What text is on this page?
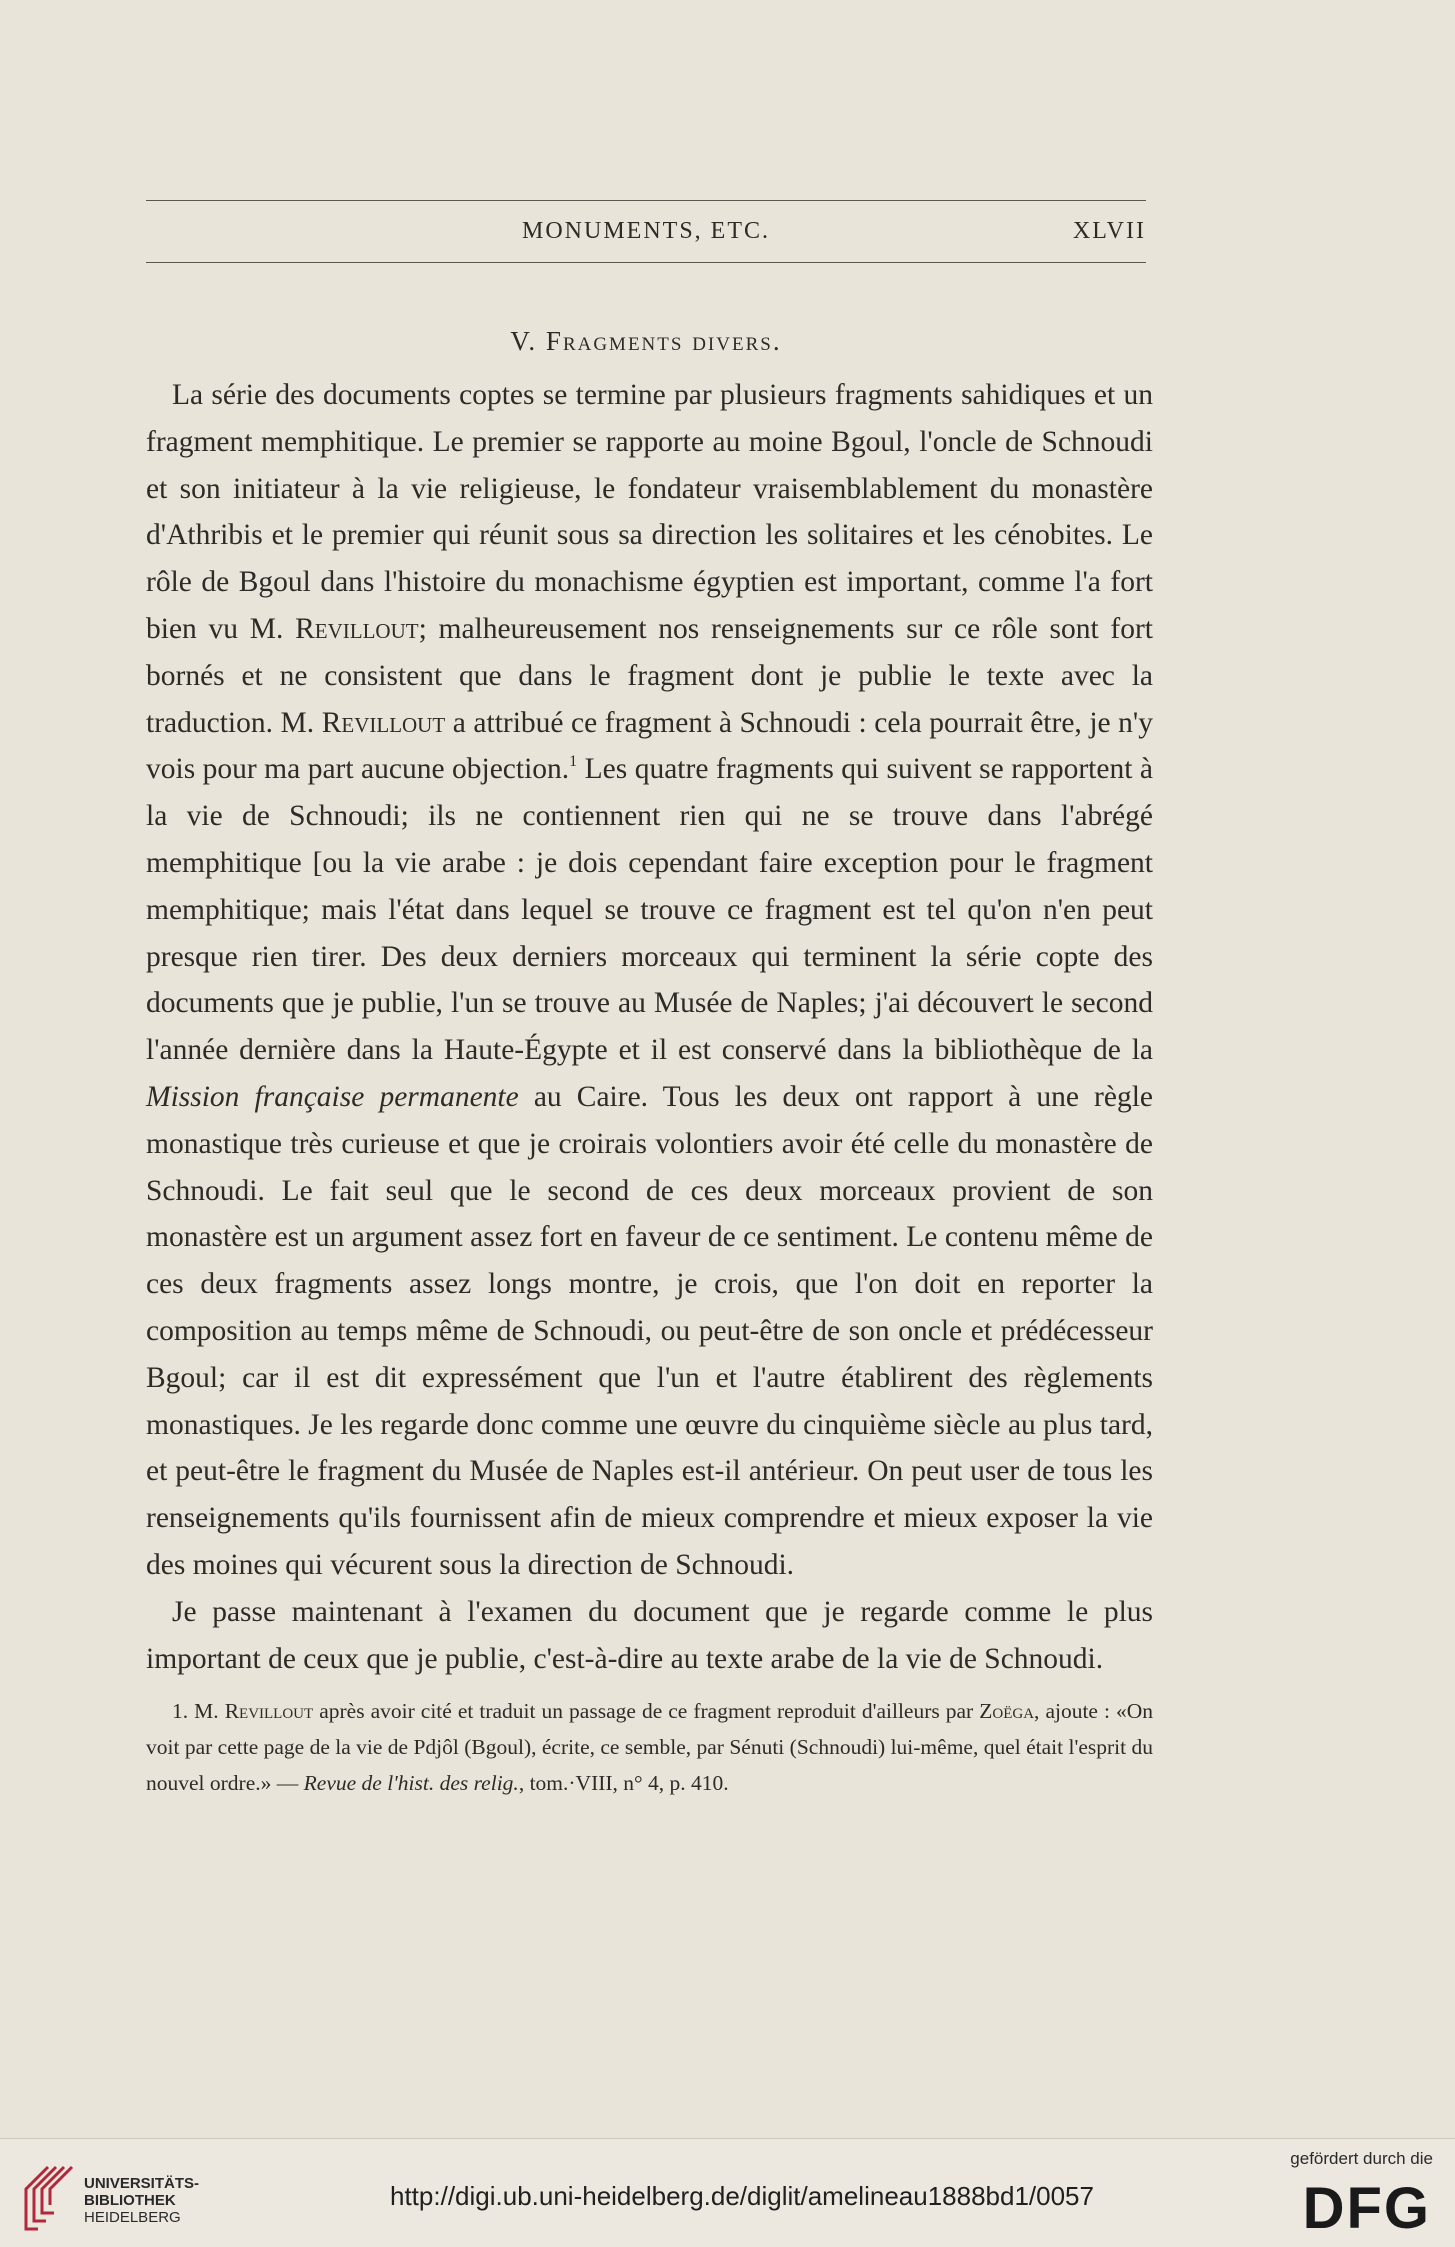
MONUMENTS, ETC.	XLVII
V. Fragments divers.

La série des documents coptes se termine par plusieurs fragments sahidiques et un fragment memphitique. Le premier se rapporte au moine Bgoul, l'oncle de Schnoudi et son initiateur à la vie religieuse, le fondateur vraisemblablement du monastère d'Athribis et le premier qui réunit sous sa direction les solitaires et les cénobites. Le rôle de Bgoul dans l'histoire du monachisme égyptien est important, comme l'a fort bien vu M. Revillout; malheureusement nos renseignements sur ce rôle sont fort bornés et ne consistent que dans le fragment dont je publie le texte avec la traduction. M. Revillout a attribué ce fragment à Schnoudi : cela pourrait être, je n'y vois pour ma part aucune objection.$^1$ Les quatre fragments qui suivent se rapportent à la vie de Schnoudi; ils ne contiennent rien qui ne se trouve dans l'abrégé memphitique [ou la vie arabe : je dois cependant faire exception pour le fragment memphitique; mais l'état dans lequel se trouve ce fragment est tel qu'on n'en peut presque rien tirer. Des deux derniers morceaux qui terminent la série copte des documents que je publie, l'un se trouve au Musée de Naples; j'ai découvert le second l'année dernière dans la Haute-Égypte et il est conservé dans la bibliothèque de la Mission française permanente au Caire. Tous les deux ont rapport à une règle monastique très curieuse et que je croirais volontiers avoir été celle du monastère de Schnoudi. Le fait seul que le second de ces deux morceaux provient de son monastère est un argument assez fort en faveur de ce sentiment. Le contenu même de ces deux fragments assez longs montre, je crois, que l'on doit en reporter la composition au temps même de Schnoudi, ou peut-être de son oncle et prédécesseur Bgoul; car il est dit expressément que l'un et l'autre établirent des règlements monastiques. Je les regarde donc comme une œuvre du cinquième siècle au plus tard, et peut-être le fragment du Musée de Naples est-il antérieur. On peut user de tous les renseignements qu'ils fournissent afin de mieux comprendre et mieux exposer la vie des moines qui vécurent sous la direction de Schnoudi.

Je passe maintenant à l'examen du document que je regarde comme le plus important de ceux que je publie, c'est-à-dire au texte arabe de la vie de Schnoudi.

1. M. Revillout après avoir cité et traduit un passage de ce fragment reproduit d'ailleurs par Zoëga, ajoute : «On voit par cette page de la vie de Pdjôl (Bgoul), écrite, ce semble, par Sénuti (Schnoudi) lui-même, quel était l'esprit du nouvel ordre.» — Revue de l'hist. des relig., tom.·VIII, n° 4, p. 410.
UNIVERSITÄTS-
BIBLIOTHEK
HEIDELBERG
http://digi.ub.uni-heidelberg.de/diglit/amelineau1888bd1/0057
gefördert durch die
DFG
